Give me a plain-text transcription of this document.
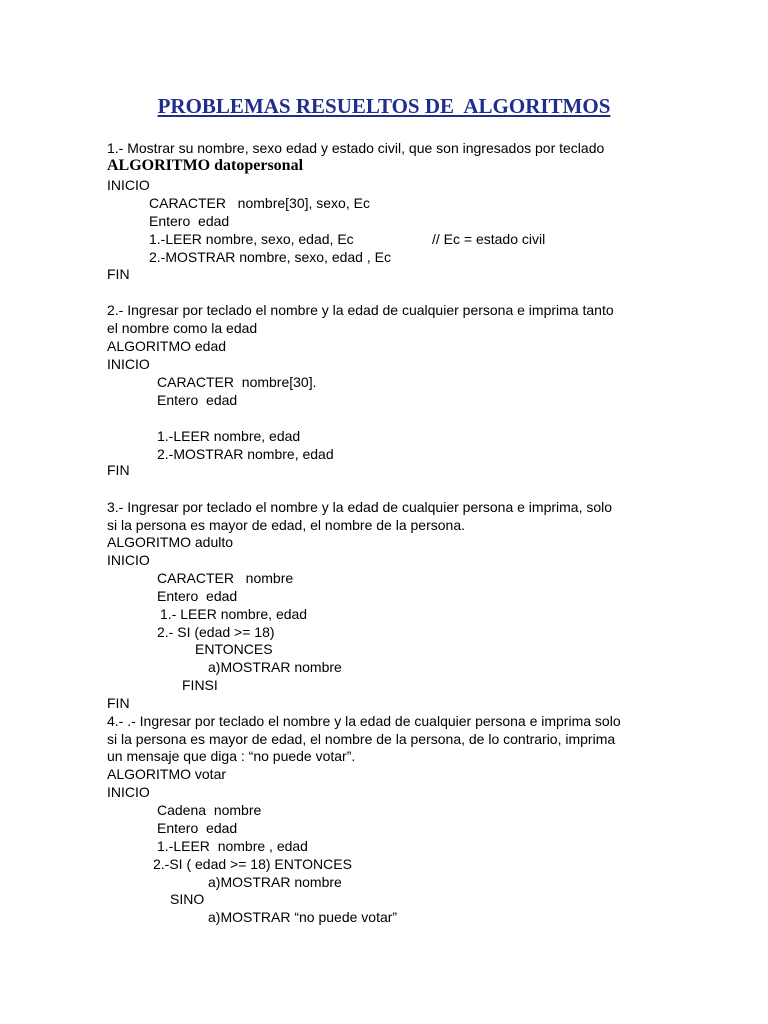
PROBLEMAS RESUELTOS DE  ALGORITMOS
1.- Mostrar su nombre, sexo edad y estado civil, que son ingresados por teclado
ALGORITMO datopersonal
INICIO
CARACTER   nombre[30], sexo, Ec
Entero  edad
1.-LEER nombre, sexo, edad, Ec	// Ec = estado civil
2.-MOSTRAR nombre, sexo, edad , Ec
FIN
2.- Ingresar por teclado el nombre y la edad de cualquier persona e imprima tanto
el nombre como la edad
ALGORITMO edad
INICIO
CARACTER  nombre[30].
Entero  edad
1.-LEER nombre, edad
2.-MOSTRAR nombre, edad
FIN
3.- Ingresar por teclado el nombre y la edad de cualquier persona e imprima, solo
si la persona es mayor de edad, el nombre de la persona.
ALGORITMO adulto
INICIO
CARACTER   nombre
Entero  edad
1.- LEER nombre, edad
2.- SI (edad >= 18)
ENTONCES
a)MOSTRAR nombre
FINSI
FIN
4.- .- Ingresar por teclado el nombre y la edad de cualquier persona e imprima solo
si la persona es mayor de edad, el nombre de la persona, de lo contrario, imprima
un mensaje que diga : “no puede votar”.
ALGORITMO votar
INICIO
Cadena  nombre
Entero  edad
1.-LEER  nombre , edad
2.-SI ( edad >= 18) ENTONCES
a)MOSTRAR nombre
SINO
a)MOSTRAR “no puede votar”
